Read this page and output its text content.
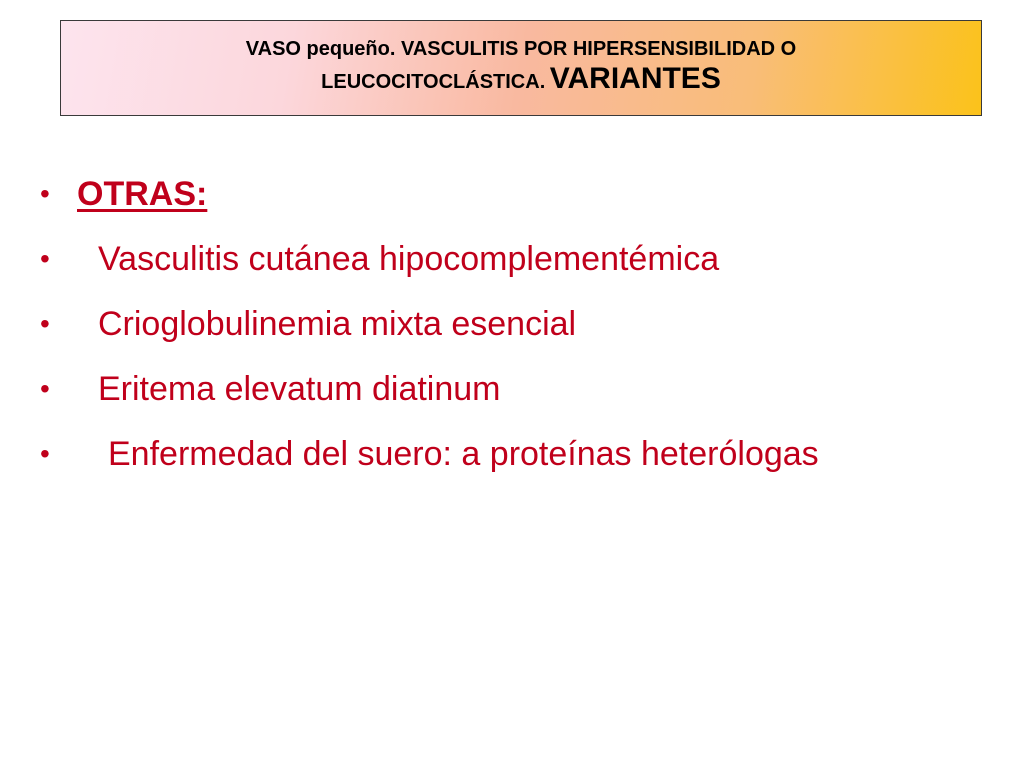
VASO pequeño. VASCULITIS POR HIPERSENSIBILIDAD O
LEUCOCITOCLÁSTICA. VARIANTES
• OTRAS:
• Vasculitis cutánea hipocomplementémica
• Crioglobulinemia mixta esencial
• Eritema elevatum diatinum
• Enfermedad del suero: a proteínas heterólogas
